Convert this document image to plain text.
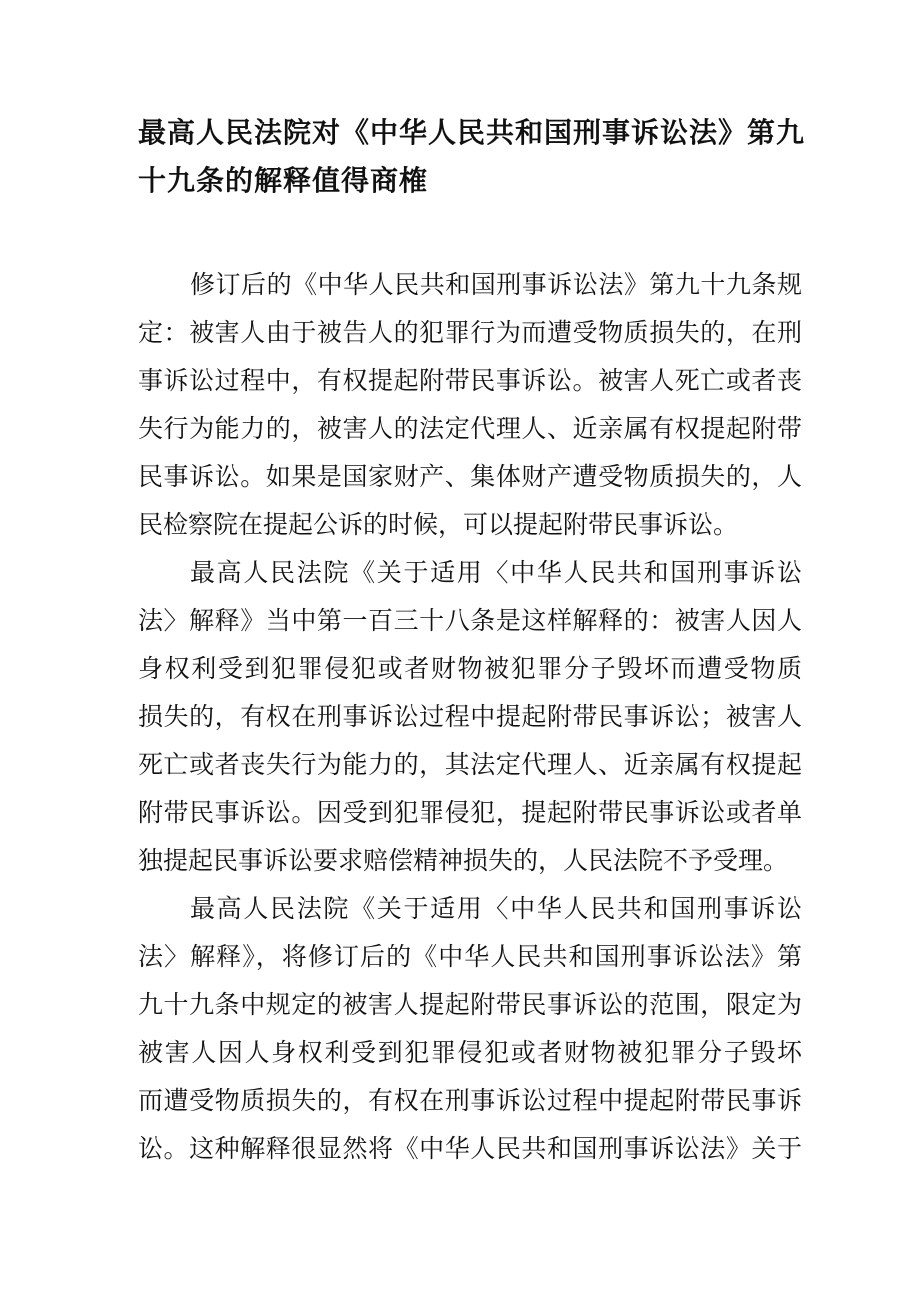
最高人民法院对《中华人民共和国刑事诉讼法》第九
十九条的解释值得商榷
修订后的《中华人民共和国刑事诉讼法》第九十九条规
定：被害人由于被告人的犯罪行为而遭受物质损失的，在刑
事诉讼过程中，有权提起附带民事诉讼。被害人死亡或者丧
失行为能力的，被害人的法定代理人、近亲属有权提起附带
民事诉讼。如果是国家财产、集体财产遭受物质损失的，人
民检察院在提起公诉的时候，可以提起附带民事诉讼。
最高人民法院《关于适用〈中华人民共和国刑事诉讼
法〉解释》当中第一百三十八条是这样解释的：被害人因人
身权利受到犯罪侵犯或者财物被犯罪分子毁坏而遭受物质
损失的，有权在刑事诉讼过程中提起附带民事诉讼；被害人
死亡或者丧失行为能力的，其法定代理人、近亲属有权提起
附带民事诉讼。因受到犯罪侵犯，提起附带民事诉讼或者单
独提起民事诉讼要求赔偿精神损失的，人民法院不予受理。
最高人民法院《关于适用〈中华人民共和国刑事诉讼
法〉解释》，将修订后的《中华人民共和国刑事诉讼法》第
九十九条中规定的被害人提起附带民事诉讼的范围，限定为
被害人因人身权利受到犯罪侵犯或者财物被犯罪分子毁坏
而遭受物质损失的，有权在刑事诉讼过程中提起附带民事诉
讼。这种解释很显然将《中华人民共和国刑事诉讼法》关于
